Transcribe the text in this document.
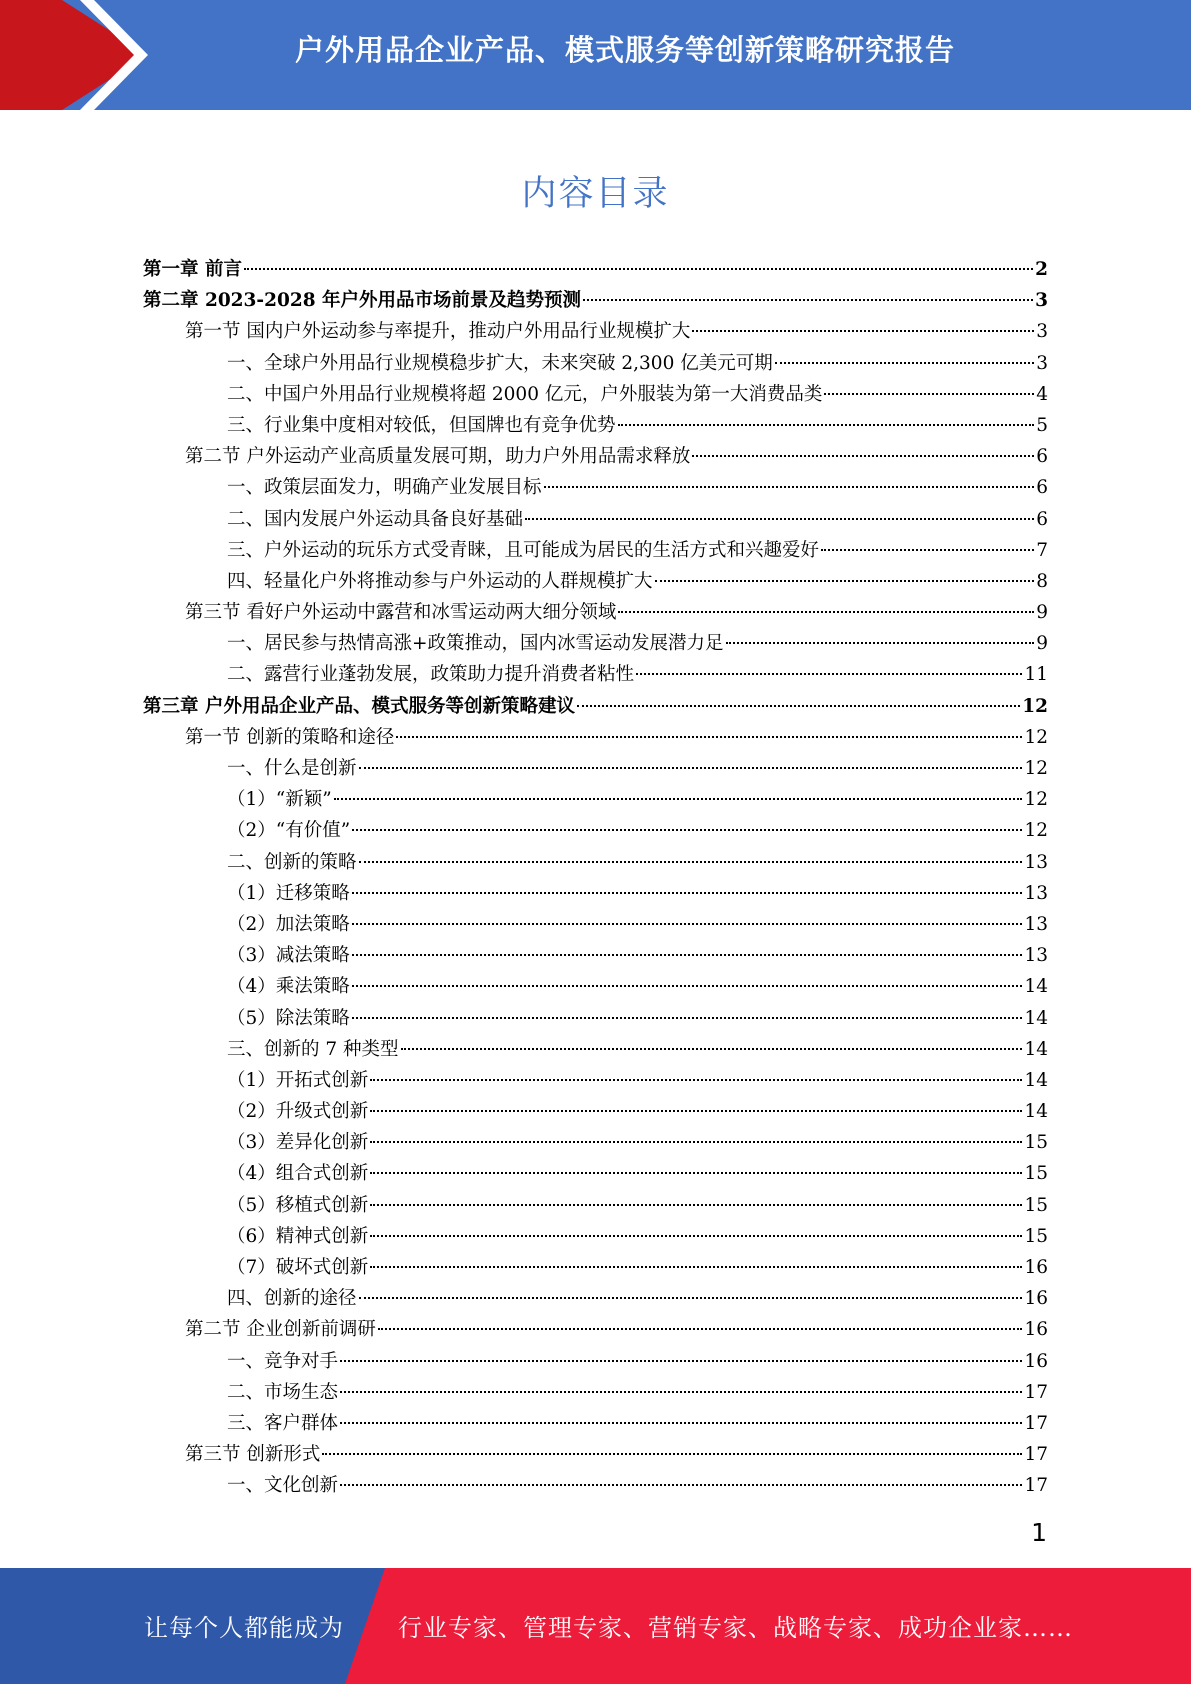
户外用品企业产品、模式服务等创新策略研究报告
内容目录
第一章 前言	2
第二章 2023-2028 年户外用品市场前景及趋势预测	3
第一节 国内户外运动参与率提升，推动户外用品行业规模扩大	3
一、全球户外用品行业规模稳步扩大，未来突破 2,300 亿美元可期	3
二、中国户外用品行业规模将超 2000 亿元，户外服装为第一大消费品类	4
三、行业集中度相对较低，但国牌也有竞争优势	5
第二节 户外运动产业高质量发展可期，助力户外用品需求释放	6
一、政策层面发力，明确产业发展目标	6
二、国内发展户外运动具备良好基础	6
三、户外运动的玩乐方式受青睐，且可能成为居民的生活方式和兴趣爱好	7
四、轻量化户外将推动参与户外运动的人群规模扩大	8
第三节 看好户外运动中露营和冰雪运动两大细分领域	9
一、居民参与热情高涨+政策推动，国内冰雪运动发展潜力足	9
二、露营行业蓬勃发展，政策助力提升消费者粘性	11
第三章 户外用品企业产品、模式服务等创新策略建议	12
第一节 创新的策略和途径	12
一、什么是创新	12
（1）“新颖”	12
（2）“有价值”	12
二、创新的策略	13
（1）迁移策略	13
（2）加法策略	13
（3）减法策略	13
（4）乘法策略	14
（5）除法策略	14
三、创新的 7 种类型	14
（1）开拓式创新	14
（2）升级式创新	14
（3）差异化创新	15
（4）组合式创新	15
（5）移植式创新	15
（6）精神式创新	15
（7）破坏式创新	16
四、创新的途径	16
第二节 企业创新前调研	16
一、竞争对手	16
二、市场生态	17
三、客户群体	17
第三节 创新形式	17
一、文化创新	17
1
让每个人都能成为 行业专家、管理专家、营销专家、战略专家、成功企业家……
